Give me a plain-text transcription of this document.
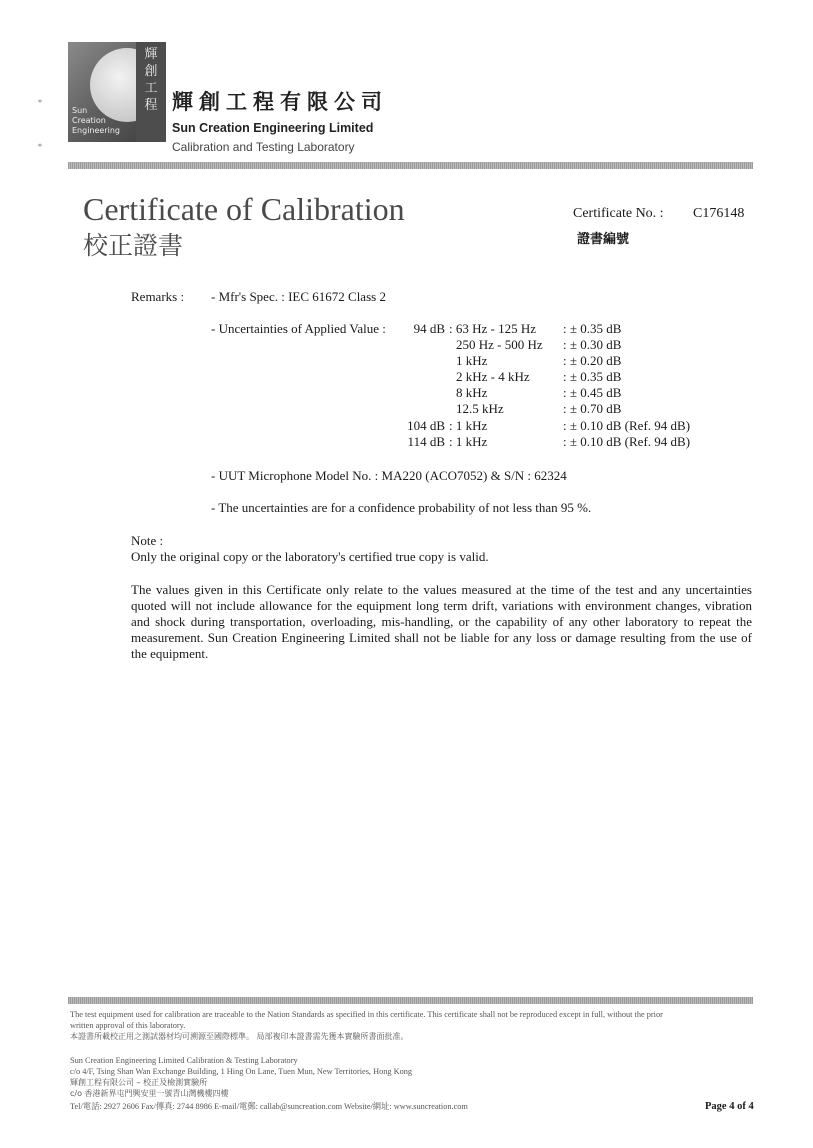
*
*
輝
創
工
程
Sun
Creation
Engineering
輝創工程有限公司
Sun Creation Engineering Limited
Calibration and Testing Laboratory
Certificate of Calibration
校正證書
Certificate No. : C176148
證書編號
Remarks : - Mfr's Spec. : IEC 61672 Class 2
- Uncertainties of Applied Value :	94 dB : 63 Hz - 125 Hz : ± 0.35 dB
250 Hz - 500 Hz : ± 0.30 dB
1 kHz	: ± 0.20 dB
2 kHz - 4 kHz	: ± 0.35 dB
8 kHz	: ± 0.45 dB
12.5 kHz	: ± 0.70 dB
104 dB : 1 kHz	: ± 0.10 dB (Ref. 94 dB)
114 dB : 1 kHz	: ± 0.10 dB (Ref. 94 dB)
- UUT Microphone Model No. : MA220 (ACO7052) & S/N : 62324
- The uncertainties are for a confidence probability of not less than 95 %.
Note :
Only the original copy or the laboratory's certified true copy is valid.
The values given in this Certificate only relate to the values measured at the time of the test and any uncertainties quoted will not include allowance for the equipment long term drift, variations with environment changes, vibration and shock during transportation, overloading, mis-handling, or the capability of any other laboratory to repeat the measurement. Sun Creation Engineering Limited shall not be liable for any loss or damage resulting from the use of the equipment.
The test equipment used for calibration are traceable to the Nation Standards as specified in this certificate. This certificate shall not be reproduced except in full, without the prior
written approval of this laboratory.
本證書所載校正用之測試器材均可溯源至國際標準。 局部複印本證書需先獲本實驗所書面批准。
Sun Creation Engineering Limited Calibration & Testing Laboratory
c/o 4/F, Tsing Shan Wan Exchange Building, 1 Hing On Lane, Tuen Mun, New Territories, Hong Kong
輝創工程有限公司 – 校正及檢測實驗所
c/o 香港新界屯門興安里一號青山灣機樓四樓
Tel/電話: 2927 2606 Fax/傳真: 2744 8986 E-mail/電郵: callab@suncreation.com Website/網址: www.suncreation.com	Page 4 of 4
